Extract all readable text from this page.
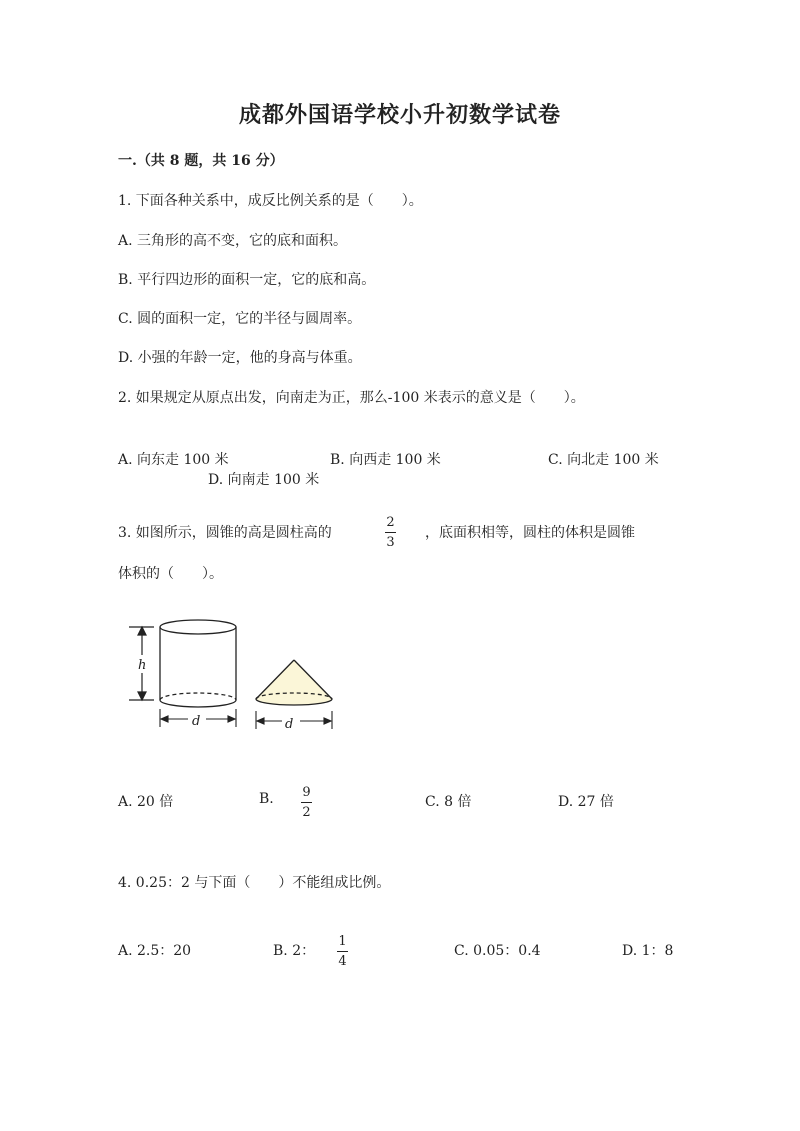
成都外国语学校小升初数学试卷
一.（共 8 题，共 16 分）
1. 下面各种关系中，成反比例关系的是（　　）。
A. 三角形的高不变，它的底和面积。
B. 平行四边形的面积一定，它的底和高。
C. 圆的面积一定，它的半径与圆周率。
D. 小强的年龄一定，他的身高与体重。
2. 如果规定从原点出发，向南走为正，那么-100 米表示的意义是（　　）。
A. 向东走 100 米	B. 向西走 100 米	C. 向北走 100 米
D. 向南走 100 米
3. 如图所示，圆锥的高是圆柱高的
2
3
，底面积相等，圆柱的体积是圆锥
体积的（　　）。
h
d	d
A. 20 倍	B. 9
2
C. 8 倍	D. 27 倍
4. 0.25：2 与下面（　　）不能组成比例。
A. 2.5：20	B. 2：
1
4
C. 0.05：0.4	D. 1：8
